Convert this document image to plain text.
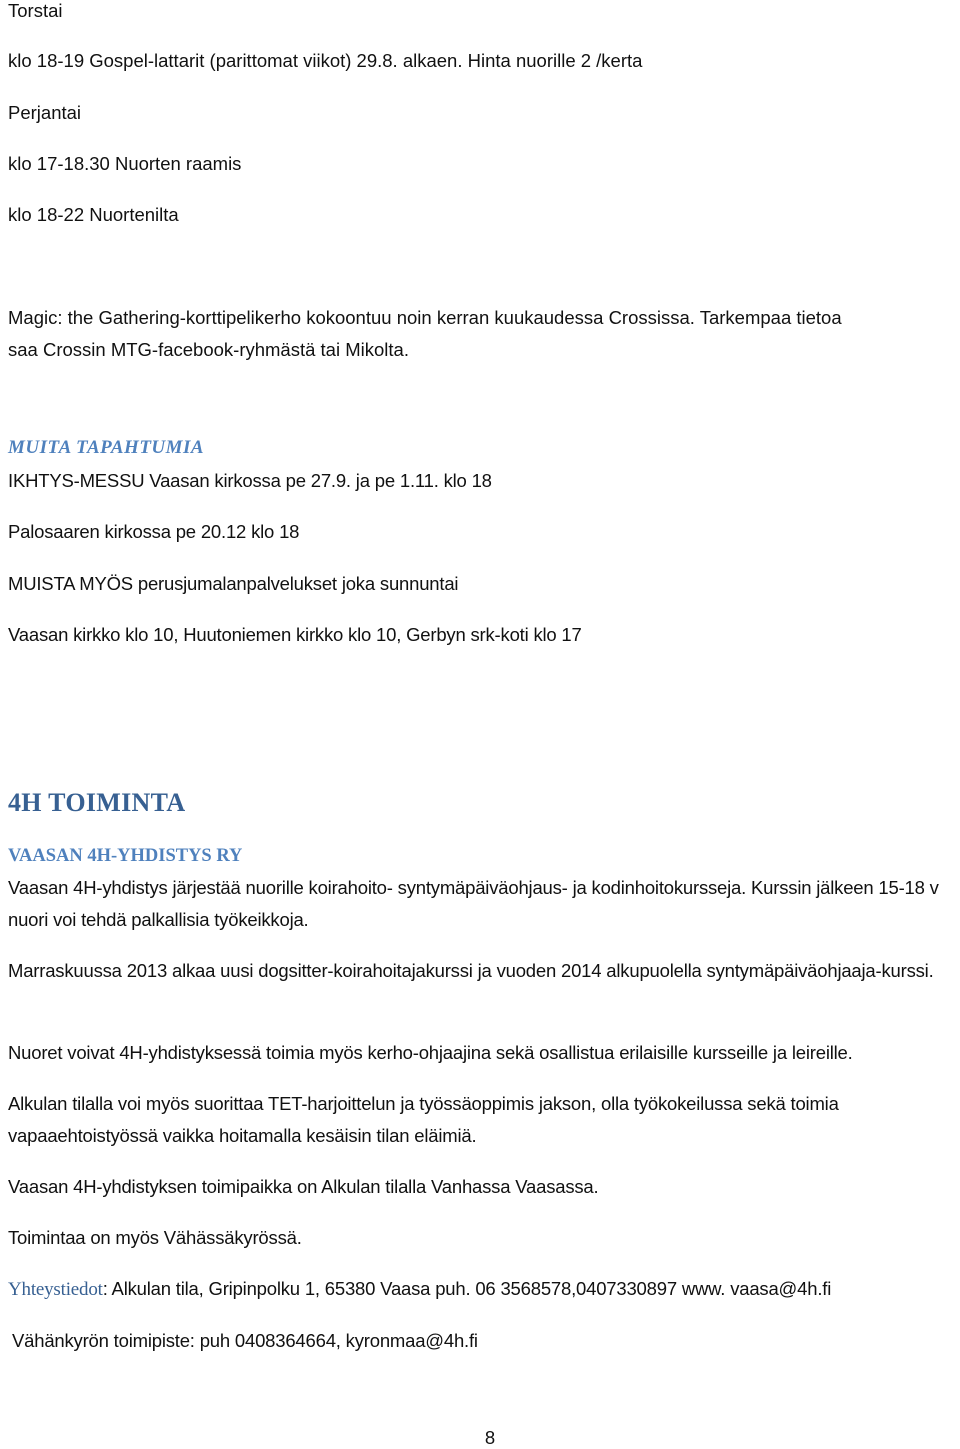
Torstai
klo 18-19 Gospel-lattarit (parittomat viikot) 29.8. alkaen. Hinta nuorille 2 /kerta
Perjantai
klo 17-18.30 Nuorten raamis
klo 18-22 Nuortenilta
Magic: the Gathering-korttipelikerho kokoontuu noin kerran kuukaudessa Crossissa. Tarkempaa tietoa
saa Crossin MTG-facebook-ryhmästä tai Mikolta.
MUITA TAPAHTUMIA
IKHTYS-MESSU Vaasan kirkossa pe 27.9. ja pe 1.11. klo 18
Palosaaren kirkossa pe 20.12 klo 18
MUISTA MYÖS perusjumalanpalvelukset joka sunnuntai
Vaasan kirkko klo 10, Huutoniemen kirkko klo 10, Gerbyn srk-koti klo 17
4H TOIMINTA
VAASAN 4H-YHDISTYS RY
Vaasan 4H-yhdistys järjestää nuorille koirahoito- syntymäpäiväohjaus- ja kodinhoitokursseja. Kurssin jälkeen 15-18 v nuori voi tehdä palkallisia työkeikkoja.
Marraskuussa 2013 alkaa uusi dogsitter-koirahoitajakurssi ja vuoden 2014 alkupuolella syntymäpäiväohjaaja-kurssi.
Nuoret voivat 4H-yhdistyksessä toimia myös kerho-ohjaajina sekä osallistua erilaisille kursseille ja leireille.
Alkulan tilalla voi myös suorittaa TET-harjoittelun ja työssäoppimis jakson, olla työkokeilussa sekä toimia vapaaehtoistyössä vaikka hoitamalla kesäisin tilan eläimiä.
Vaasan 4H-yhdistyksen toimipaikka on Alkulan tilalla Vanhassa Vaasassa.
Toimintaa on myös Vähässäkyrössä.
Yhteystiedot: Alkulan tila, Gripinpolku 1, 65380 Vaasa puh. 06 3568578,0407330897 www. vaasa@4h.fi
Vähänkyrön toimipiste: puh 0408364664, kyronmaa@4h.fi
8
